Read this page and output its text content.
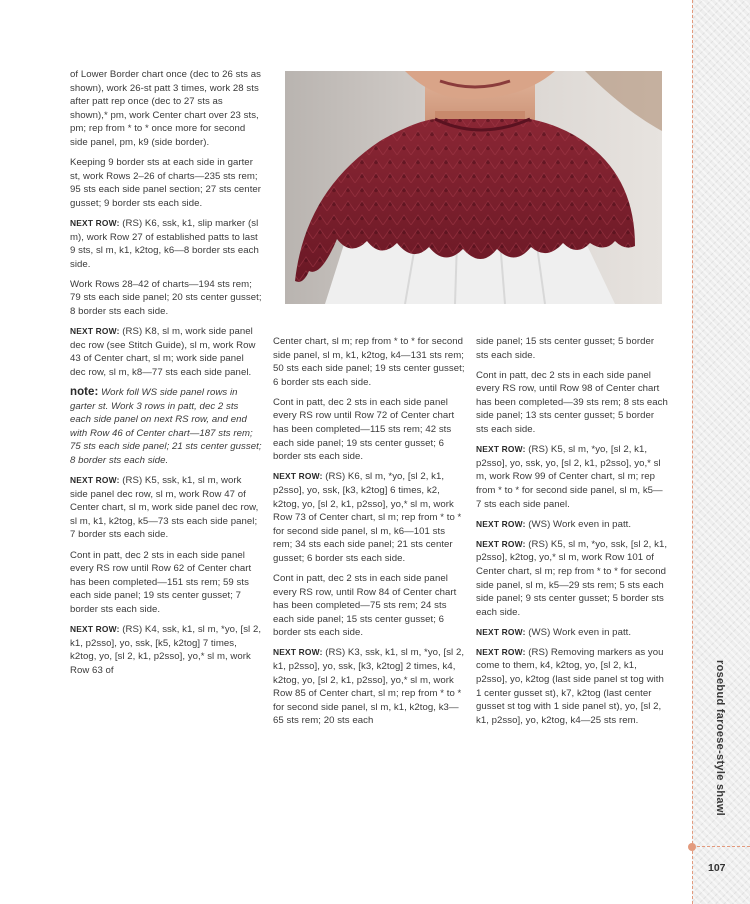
of Lower Border chart once (dec to 26 sts as shown), work 26-st patt 3 times, work 28 sts after patt rep once (dec to 27 sts as shown),* pm, work Center chart over 23 sts, pm; rep from * to * once more for second side panel, pm, k9 (side border).

Keeping 9 border sts at each side in garter st, work Rows 2–26 of charts—235 sts rem; 95 sts each side panel section; 27 sts center gusset; 9 border sts each side.

NEXT ROW: (RS) K6, ssk, k1, slip marker (sl m), work Row 27 of established patts to last 9 sts, sl m, k1, k2tog, k6—8 border sts each side.

Work Rows 28–42 of charts—194 sts rem; 79 sts each side panel; 20 sts center gusset; 8 border sts each side.

NEXT ROW: (RS) K8, sl m, work side panel dec row (see Stitch Guide), sl m, work Row 43 of Center chart, sl m; work side panel dec row, sl m, k8—77 sts each side panel.

note: Work foll WS side panel rows in garter st. Work 3 rows in patt, dec 2 sts each side panel on next RS row, and end with Row 46 of Center chart—187 sts rem; 75 sts each side panel; 21 sts center gusset; 8 border sts each side.

NEXT ROW: (RS) K5, ssk, k1, sl m, work side panel dec row, sl m, work Row 47 of Center chart, sl m, work side panel dec row, sl m, k1, k2tog, k5—73 sts each side panel; 7 border sts each side.

Cont in patt, dec 2 sts in each side panel every RS row until Row 62 of Center chart has been completed—151 sts rem; 59 sts each side panel; 19 sts center gusset; 7 border sts each side.

NEXT ROW: (RS) K4, ssk, k1, sl m, *yo, [sl 2, k1, p2sso], yo, ssk, [k5, k2tog] 7 times, k2tog, yo, [sl 2, k1, p2sso], yo,* sl m, work Row 63 of

Center chart, sl m; rep from * to * for second side panel, sl m, k1, k2tog, k4—131 sts rem; 50 sts each side panel; 19 sts center gusset; 6 border sts each side.

Cont in patt, dec 2 sts in each side panel every RS row until Row 72 of Center chart has been completed—115 sts rem; 42 sts each side panel; 19 sts center gusset; 6 border sts each side.

NEXT ROW: (RS) K6, sl m, *yo, [sl 2, k1, p2sso], yo, ssk, [k3, k2tog] 6 times, k2, k2tog, yo, [sl 2, k1, p2sso], yo,* sl m, work Row 73 of Center chart, sl m; rep from * to * for second side panel, sl m, k6—101 sts rem; 34 sts each side panel; 21 sts center gusset; 6 border sts each side.

Cont in patt, dec 2 sts in each side panel every RS row, until Row 84 of Center chart has been completed—75 sts rem; 24 sts each side panel; 15 sts center gusset; 6 border sts each side.

NEXT ROW: (RS) K3, ssk, k1, sl m, *yo, [sl 2, k1, p2sso], yo, ssk, [k3, k2tog] 2 times, k4, k2tog, yo, [sl 2, k1, p2sso], yo,* sl m, work Row 85 of Center chart, sl m; rep from * to * for second side panel, sl m, k1, k2tog, k3—65 sts rem; 20 sts each

side panel; 15 sts center gusset; 5 border sts each side.

Cont in patt, dec 2 sts in each side panel every RS row, until Row 98 of Center chart has been completed—39 sts rem; 8 sts each side panel; 13 sts center gusset; 5 border sts each side.

NEXT ROW: (RS) K5, sl m, *yo, [sl 2, k1, p2sso], yo, ssk, yo, [sl 2, k1, p2sso], yo,* sl m, work Row 99 of Center chart, sl m; rep from * to * for second side panel, sl m, k5—7 sts each side panel.

NEXT ROW: (WS) Work even in patt.

NEXT ROW: (RS) K5, sl m, *yo, ssk, [sl 2, k1, p2sso], k2tog, yo,* sl m, work Row 101 of Center chart, sl m; rep from * to * for second side panel, sl m, k5—29 sts rem; 5 sts each side panel; 9 sts center gusset; 5 border sts each side.

NEXT ROW: (WS) Work even in patt.

NEXT ROW: (RS) Removing markers as you come to them, k4, k2tog, yo, [sl 2, k1, p2sso], yo, k2tog (last side panel st tog with 1 center gusset st), k7, k2tog (last center gusset st tog with 1 side panel st), yo, [sl 2, k1, p2sso], yo, k2tog, k4—25 sts rem.	rosebud faroese-style shawl
107
